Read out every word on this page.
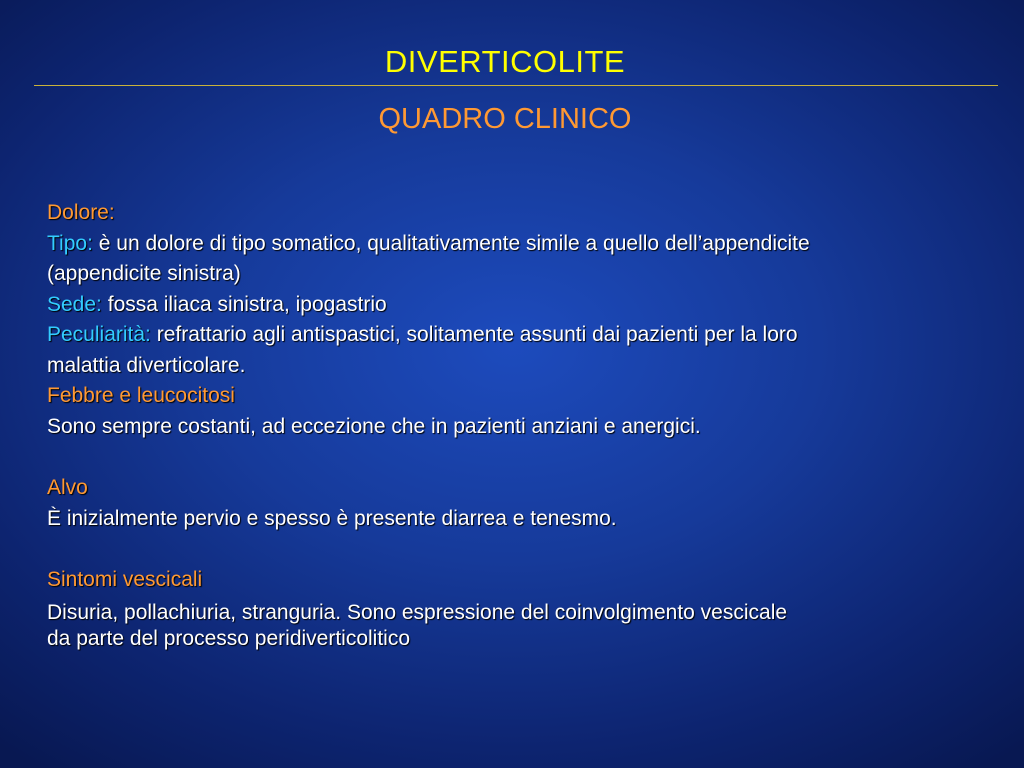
DIVERTICOLITE
QUADRO CLINICO
Dolore:
Tipo: è un dolore di tipo somatico, qualitativamente simile a quello dell’appendicite
(appendicite sinistra)
Sede: fossa iliaca sinistra, ipogastrio
Peculiarità: refrattario agli antispastici, solitamente assunti dai pazienti per la loro
malattia diverticolare.
Febbre e leucocitosi
Sono sempre costanti, ad eccezione che in pazienti anziani e anergici.
Alvo
È inizialmente pervio e spesso è presente diarrea e tenesmo.
Sintomi vescicali
Disuria, pollachiuria, stranguria. Sono espressione del coinvolgimento vescicale
da parte del processo peridiverticolitico
